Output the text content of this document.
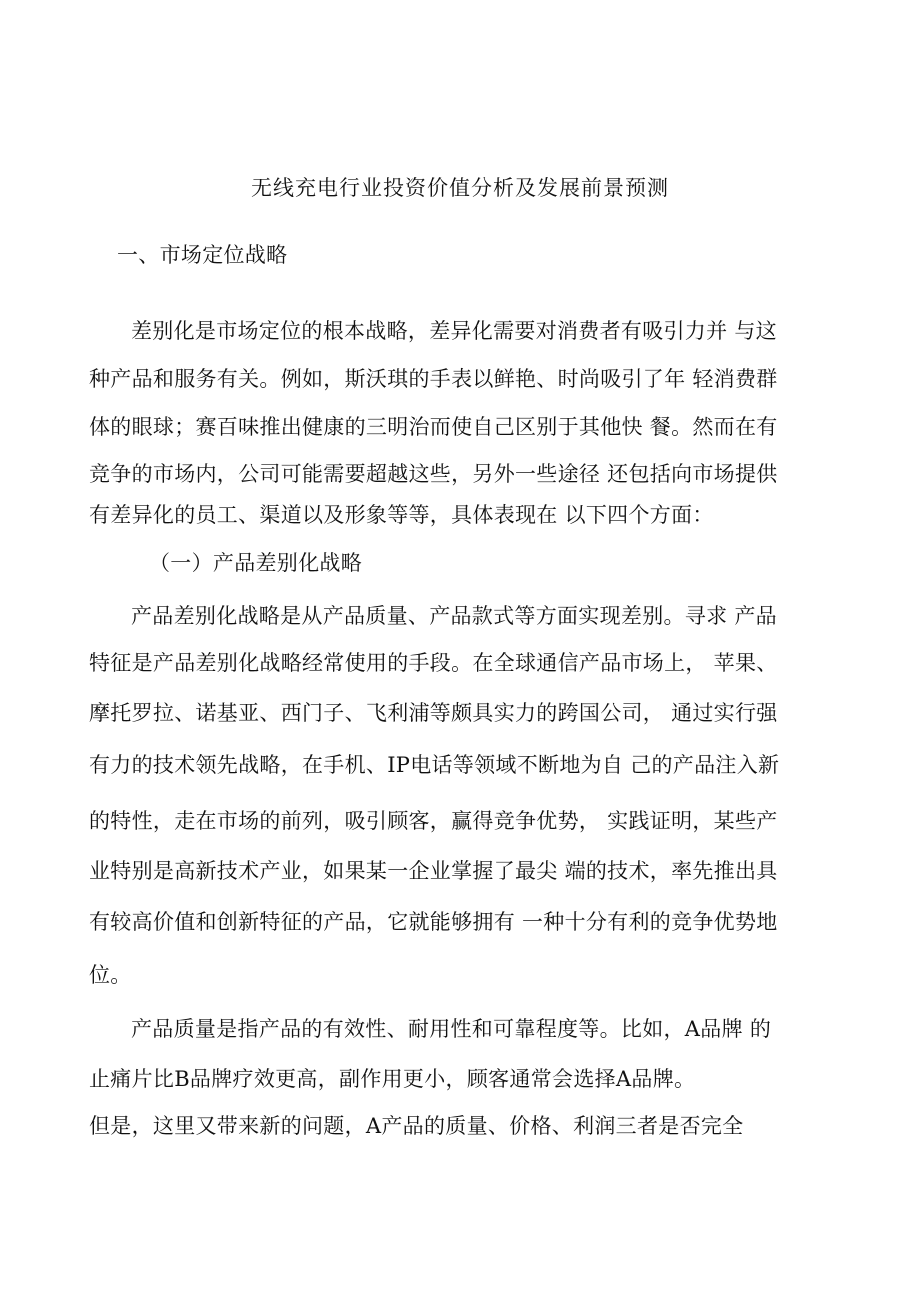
无线充电行业投资价值分析及发展前景预测
一、市场定位战略
差别化是市场定位的根本战略，差异化需要对消费者有吸引力并 与这
种产品和服务有关。例如，斯沃琪的手表以鲜艳、时尚吸引了年 轻消费群
体的眼球；赛百味推出健康的三明治而使自己区别于其他快 餐。然而在有
竞争的市场内，公司可能需要超越这些，另外一些途径 还包括向市场提供
有差异化的员工、渠道以及形象等等，具体表现在 以下四个方面：
（一）产品差别化战略
产品差别化战略是从产品质量、产品款式等方面实现差别。寻求 产品
特征是产品差别化战略经常使用的手段。在全球通信产品市场上， 苹果、
摩托罗拉、诺基亚、西门子、飞利浦等颇具实力的跨国公司， 通过实行强
有力的技术领先战略，在手机、IP电话等领域不断地为自 己的产品注入新
的特性，走在市场的前列，吸引顾客，赢得竞争优势， 实践证明，某些产
业特别是高新技术产业，如果某一企业掌握了最尖 端的技术，率先推出具
有较高价值和创新特征的产品，它就能够拥有 一种十分有利的竞争优势地
位。
产品质量是指产品的有效性、耐用性和可靠程度等。比如，A品牌 的
止痛片比B品牌疗效更高，副作用更小，顾客通常会选择A品牌。
但是，这里又带来新的问题，A产品的质量、价格、利润三者是否完全
